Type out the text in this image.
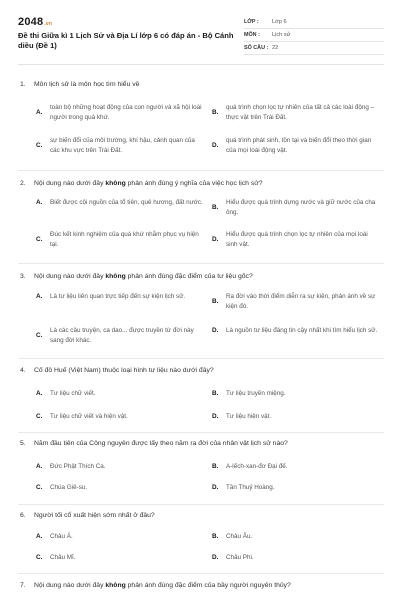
2048.vn
Đề thi Giữa kì 1 Lịch Sử và Địa Lí lớp 6 có đáp án - Bộ Cánh diều (Đề 1)
LỚP :	Lớp 6
MÔN :	Lịch sử
SỐ CÂU : 22
1. Môn lịch sử là môn học tìm hiểu về
A.
toàn bộ những hoạt động của con người và xã hội loài người trong quá khứ.
B.
quá trình chọn lọc tự nhiên của tất cả các loài động – thực vật trên Trái Đất.
C.
sự biến đổi của môi trường, khí hậu, cảnh quan của các khu vực trên Trái Đất.
D.
quá trình phát sinh, tồn tại và biến đổi theo thời gian của mọi loài động vật.
2. Nội dung nào dưới đây không phản ánh đúng ý nghĩa của việc học lịch sử?
A.	Biết được cội nguồn của tổ tiên, quê hương, đất nước.
B.
Hiểu được quá trình dựng nước và giữ nước của cha ông.
C.
Đúc kết kinh nghiệm của quá khứ nhằm phục vụ hiện tại.
D.
Hiểu được quá trình chọn lọc tự nhiên của mọi loài sinh vật.
3. Nội dung nào dưới đây không phản ánh đúng đặc điểm của tư liệu gốc?
A.	Là tư liệu liên quan trực tiếp đến sự kiện lịch sử.
B.
Ra đời vào thời điểm diễn ra sự kiện, phản ánh về sự kiện đó.
C.
Là các câu truyện, ca dao... được truyền từ đời này sang đời khác.
D.	Là nguồn tư liệu đáng tin cậy nhất khi tìm hiểu lịch sử.
4. Cố đô Huế (Việt Nam) thuộc loại hình tư liệu nào dưới đây?
A.	Tư liệu chữ viết.	B.	Tư liệu truyền miệng.
C.	Tư liệu chữ viết và hiện vật.	D.	Tư liệu hiện vật.
5. Năm đầu tiên của Công nguyên được lấy theo năm ra đời của nhân vật lịch sử nào?
A.	Đức Phật Thích Ca.	B.	A-lếch-xan-đơ Đại đế.
C.	Chúa Giê-su.	D.	Tần Thuỷ Hoàng.
6. Người tối cổ xuất hiện sớm nhất ở đâu?
A.	Châu Á.	B.	Châu Âu.
C.	Châu Mĩ.	D.	Châu Phi.
7. Nội dung nào dưới đây không phản ánh đúng đặc điểm của bầy người nguyên thủy?
